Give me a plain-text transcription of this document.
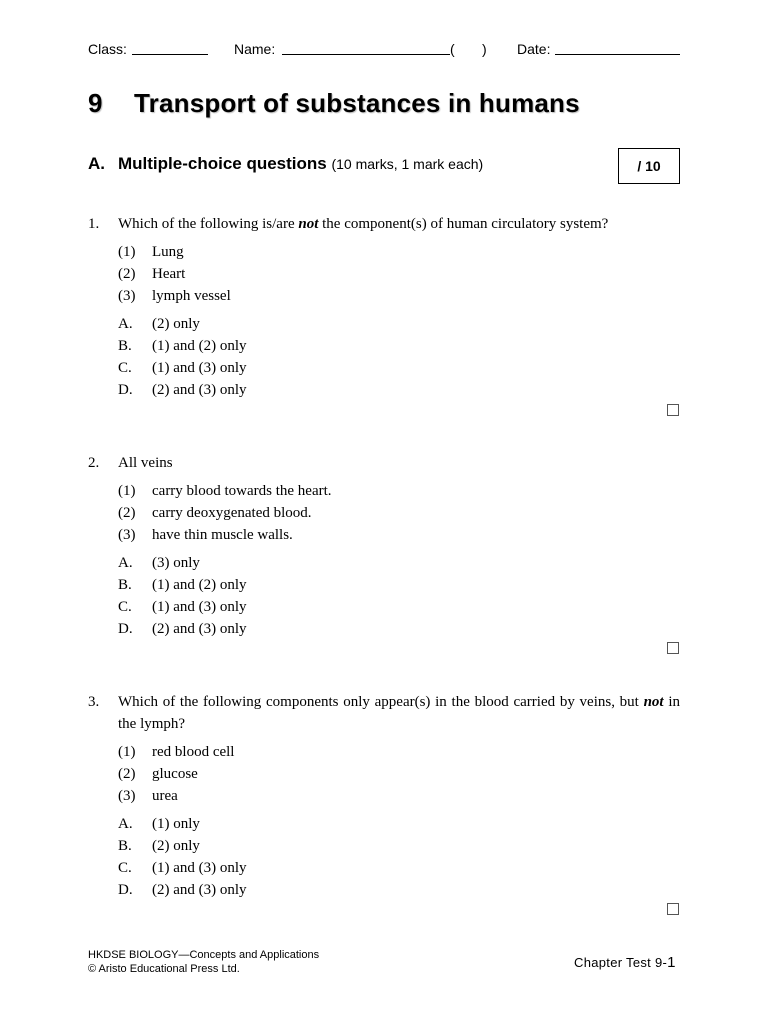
Class:	Name:	( ) Date:
9 Transport of substances in humans
A. Multiple-choice questions (10 marks, 1 mark each)	/ 10
1. Which of the following is/are not the component(s) of human circulatory system?
(1) Lung
(2) Heart
(3) lymph vessel
A. (2) only
B. (1) and (2) only
C. (1) and (3) only
D. (2) and (3) only
2. All veins
(1) carry blood towards the heart.
(2) carry deoxygenated blood.
(3) have thin muscle walls.
A. (3) only
B. (1) and (2) only
C. (1) and (3) only
D. (2) and (3) only
3. Which of the following components only appear(s) in the blood carried by veins, but not in the lymph?
(1) red blood cell
(2) glucose
(3) urea
A. (1) only
B. (2) only
C. (1) and (3) only
D. (2) and (3) only
HKDSE BIOLOGY—Concepts and Applications
© Aristo Educational Press Ltd.	Chapter Test 9-1
